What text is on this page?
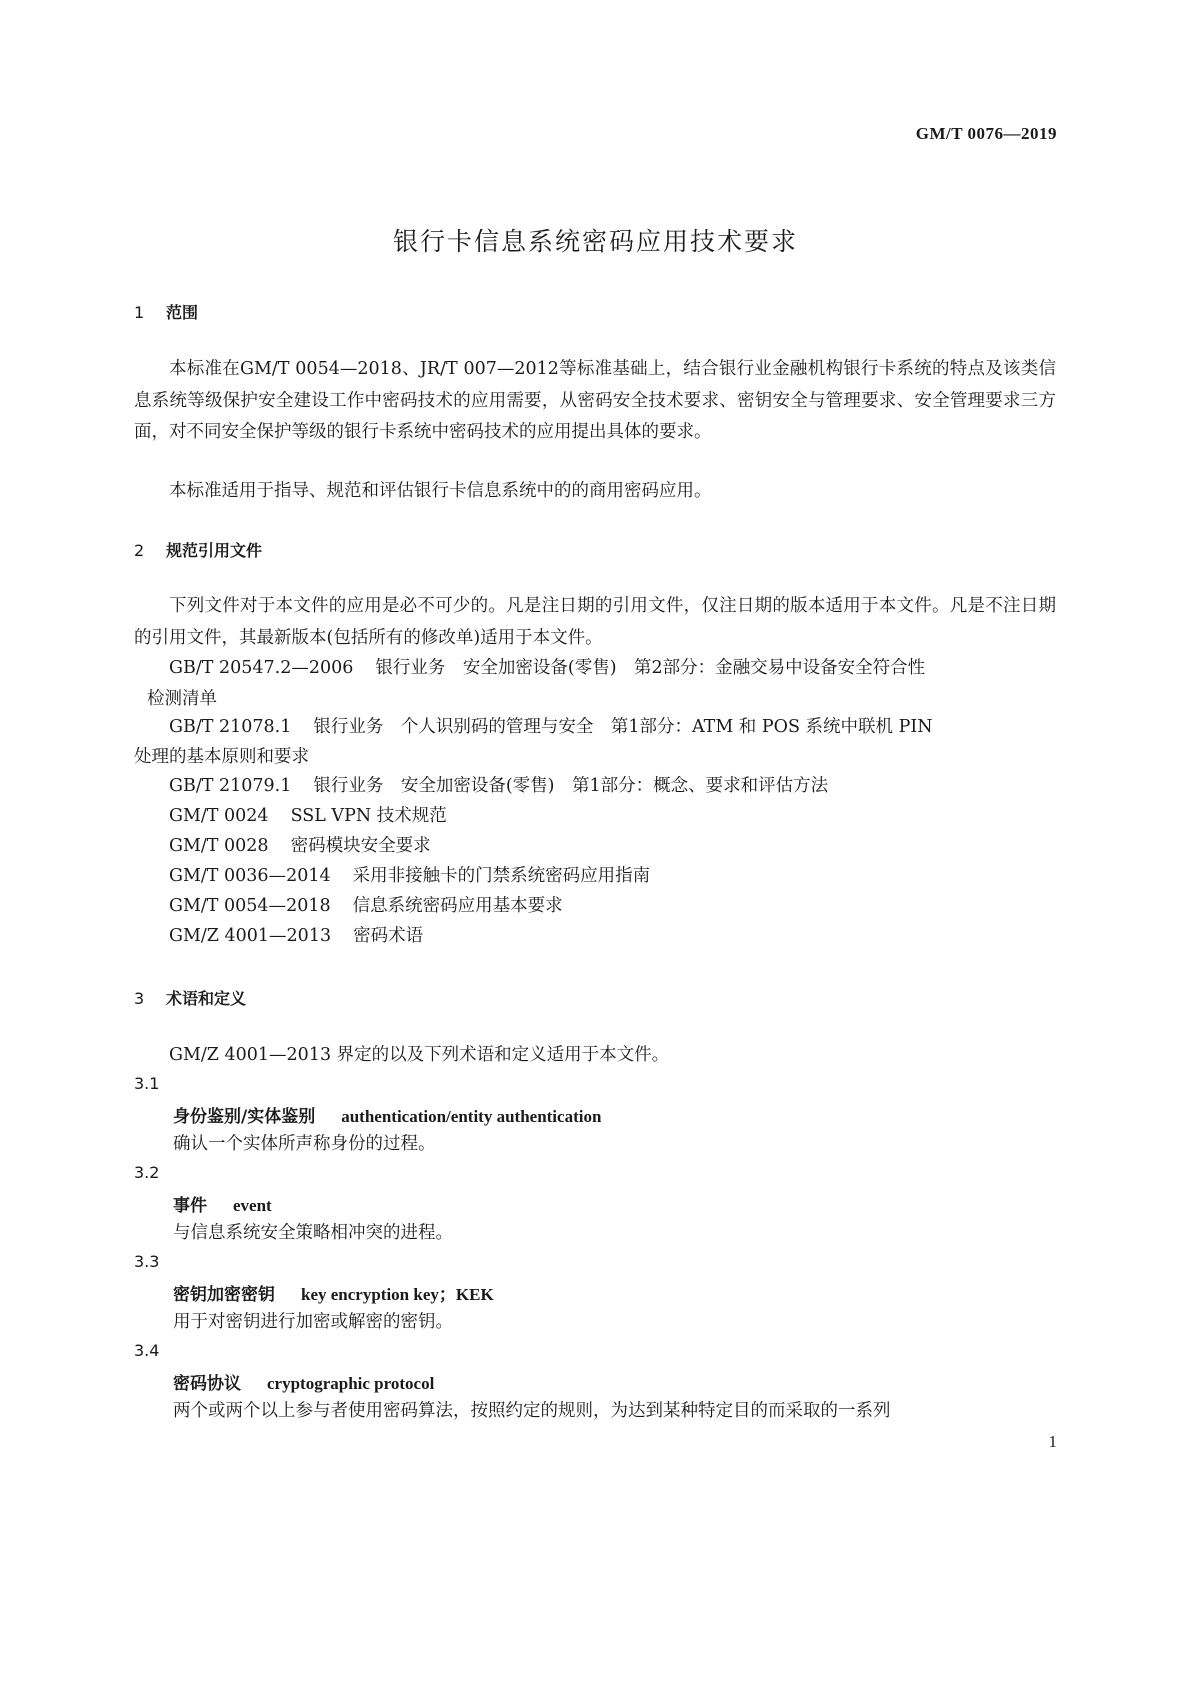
GM/T 0076—2019
银行卡信息系统密码应用技术要求
1 范围
本标准在GM/T 0054—2018、JR/T 007—2012等标准基础上，结合银行业金融机构银行卡系统的特点及该类信息系统等级保护安全建设工作中密码技术的应用需要，从密码安全技术要求、密钥安全与管理要求、安全管理要求三方面，对不同安全保护等级的银行卡系统中密码技术的应用提出具体的要求。
本标准适用于指导、规范和评估银行卡信息系统中的的商用密码应用。
2 规范引用文件
下列文件对于本文件的应用是必不可少的。凡是注日期的引用文件，仅注日期的版本适用于本文件。凡是不注日期的引用文件，其最新版本(包括所有的修改单)适用于本文件。
GB/T 20547.2—2006 银行业务　安全加密设备(零售)　第2部分：金融交易中设备安全符合性
检测清单
GB/T 21078.1 银行业务　个人识别码的管理与安全　第1部分：ATM 和 POS 系统中联机 PIN
处理的基本原则和要求
GB/T 21079.1 银行业务　安全加密设备(零售)　第1部分：概念、要求和评估方法
GM/T 0024 SSL VPN 技术规范
GM/T 0028 密码模块安全要求
GM/T 0036—2014 采用非接触卡的门禁系统密码应用指南
GM/T 0054—2018 信息系统密码应用基本要求
GM/Z 4001—2013 密码术语
3 术语和定义
GM/Z 4001—2013 界定的以及下列术语和定义适用于本文件。
3.1
身份鉴别/实体鉴别 authentication/entity authentication
确认一个实体所声称身份的过程。
3.2
事件 event
与信息系统安全策略相冲突的进程。
3.3
密钥加密密钥 key encryption key；KEK
用于对密钥进行加密或解密的密钥。
3.4
密码协议 cryptographic protocol
两个或两个以上参与者使用密码算法，按照约定的规则，为达到某种特定目的而采取的一系列
1
